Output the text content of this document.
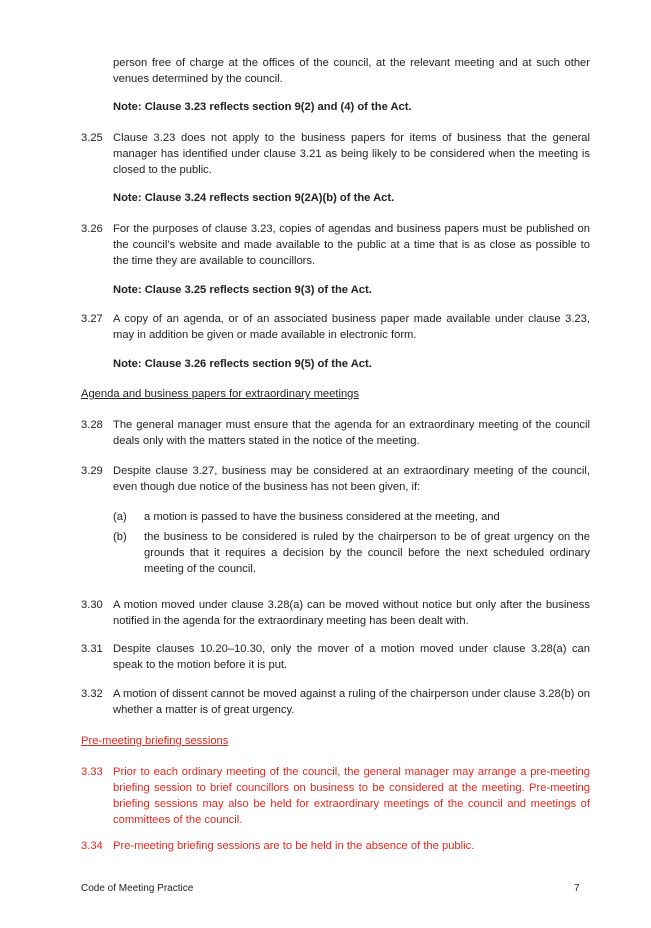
person free of charge at the offices of the council, at the relevant meeting and at such other venues determined by the council.
Note: Clause 3.23 reflects section 9(2) and (4) of the Act.
3.25 Clause 3.23 does not apply to the business papers for items of business that the general manager has identified under clause 3.21 as being likely to be considered when the meeting is closed to the public.
Note: Clause 3.24 reflects section 9(2A)(b) of the Act.
3.26 For the purposes of clause 3.23, copies of agendas and business papers must be published on the council’s website and made available to the public at a time that is as close as possible to the time they are available to councillors.
Note: Clause 3.25 reflects section 9(3) of the Act.
3.27 A copy of an agenda, or of an associated business paper made available under clause 3.23, may in addition be given or made available in electronic form.
Note: Clause 3.26 reflects section 9(5) of the Act.
Agenda and business papers for extraordinary meetings
3.28 The general manager must ensure that the agenda for an extraordinary meeting of the council deals only with the matters stated in the notice of the meeting.
3.29 Despite clause 3.27, business may be considered at an extraordinary meeting of the council, even though due notice of the business has not been given, if:
(a) a motion is passed to have the business considered at the meeting, and
(b) the business to be considered is ruled by the chairperson to be of great urgency on the grounds that it requires a decision by the council before the next scheduled ordinary meeting of the council.
3.30 A motion moved under clause 3.28(a) can be moved without notice but only after the business notified in the agenda for the extraordinary meeting has been dealt with.
3.31 Despite clauses 10.20–10.30, only the mover of a motion moved under clause 3.28(a) can speak to the motion before it is put.
3.32 A motion of dissent cannot be moved against a ruling of the chairperson under clause 3.28(b) on whether a matter is of great urgency.
Pre-meeting briefing sessions
3.33 Prior to each ordinary meeting of the council, the general manager may arrange a pre-meeting briefing session to brief councillors on business to be considered at the meeting. Pre-meeting briefing sessions may also be held for extraordinary meetings of the council and meetings of committees of the council.
3.34 Pre-meeting briefing sessions are to be held in the absence of the public.
Code of Meeting Practice	7
